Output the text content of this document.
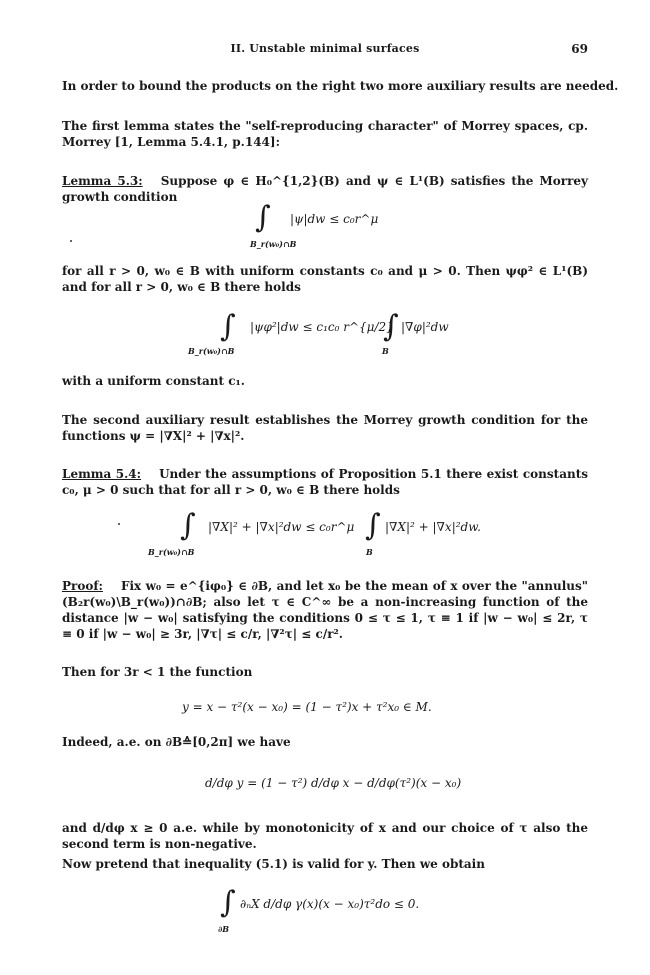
II. Unstable minimal surfaces	69
In order to bound the products on the right two more auxiliary results are needed.
The first lemma states the "self-reproducing character" of Morrey spaces, cp. Morrey [1, Lemma 5.4.1, p.144]:
Lemma 5.3: Suppose φ ∈ H₀^{1,2}(B) and ψ ∈ L¹(B) satisfies the Morrey growth condition
∫ |ψ|dw ≤ c₀r^μ
B_r(w₀)∩B
for all r > 0, w₀ ∈ B with uniform constants c₀ and μ > 0. Then ψφ² ∈ L¹(B) and for all r > 0, w₀ ∈ B there holds
∫ |ψφ²|dw ≤ c₁c₀ r^{μ/2}
∫ |∇φ|²dw
B_r(w₀)∩B	B
with a uniform constant c₁.
The second auxiliary result establishes the Morrey growth condition for the functions ψ = |∇X|² + |∇x|².
Lemma 5.4: Under the assumptions of Proposition 5.1 there exist constants c₀, μ > 0 such that for all r > 0, w₀ ∈ B there holds
∫ |∇X|² + |∇x|²dw ≤ c₀r^μ ∫ |∇X|² + |∇x|²dw.
B_r(w₀)∩B	B
Proof: Fix w₀ = e^{iφ₀} ∈ ∂B, and let x₀ be the mean of x over the "annulus" (B₂r(w₀)\B_r(w₀))∩∂B; also let τ ∈ C^∞ be a non-increasing function of the distance |w − w₀| satisfying the conditions 0 ≤ τ ≤ 1, τ ≡ 1 if |w − w₀| ≤ 2r, τ ≡ 0 if |w − w₀| ≥ 3r, |∇τ| ≤ c/r, |∇²τ| ≤ c/r².
Then for 3r < 1 the function
y = x − τ²(x − x₀) = (1 − τ²)x + τ²x₀ ∈ M.
Indeed, a.e. on ∂B≙[0,2π] we have
d/dφ y = (1 − τ²) d/dφ x − d/dφ(τ²)(x − x₀)
and d/dφ x ≥ 0 a.e. while by monotonicity of x and our choice of τ also the second term is non-negative.
Now pretend that inequality (5.1) is valid for y. Then we obtain
∫ ∂ₙX d/dφ γ(x)(x − x₀)τ²do ≤ 0.
∂B
